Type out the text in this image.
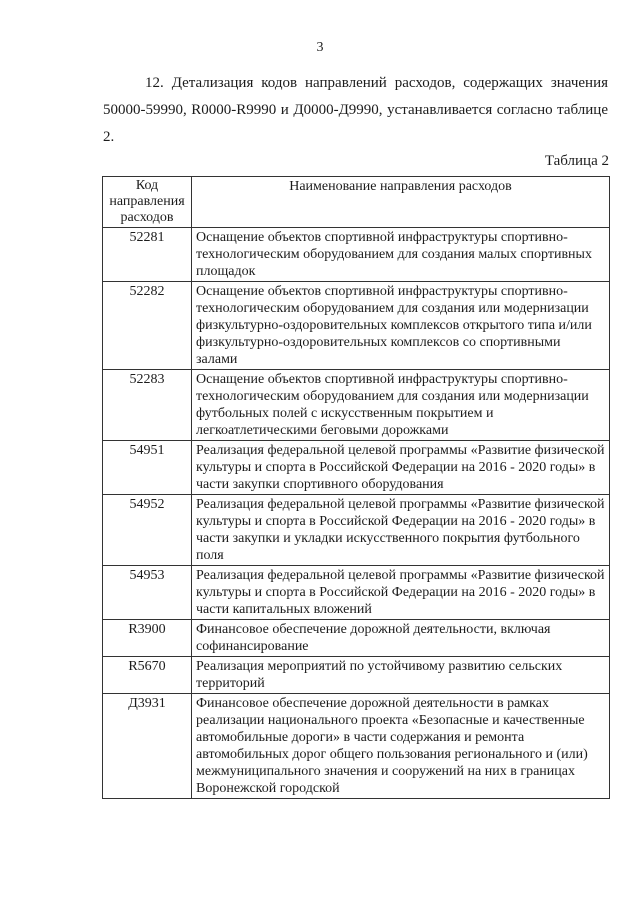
3

12. Детализация кодов направлений расходов, содержащих значения 50000-59990, R0000-R9990 и Д0000-Д9990, устанавливается согласно таблице 2.

Таблица 2
Код направления расходов	Наименование направления расходов
52281	Оснащение объектов спортивной инфраструктуры спортивно-технологическим оборудованием для создания малых спортивных площадок
52282	Оснащение объектов спортивной инфраструктуры спортивно-технологическим оборудованием для создания или модернизации физкультурно-оздоровительных комплексов открытого типа и/или физкультурно-оздоровительных комплексов со спортивными залами
52283	Оснащение объектов спортивной инфраструктуры спортивно-технологическим оборудованием для создания или модернизации футбольных полей с искусственным покрытием и легкоатлетическими беговыми дорожками
54951	Реализация федеральной целевой программы «Развитие физической культуры и спорта в Российской Федерации на 2016 - 2020 годы» в части закупки спортивного оборудования
54952	Реализация федеральной целевой программы «Развитие физической культуры и спорта в Российской Федерации на 2016 - 2020 годы» в части закупки и укладки искусственного покрытия футбольного поля
54953	Реализация федеральной целевой программы «Развитие физической культуры и спорта в Российской Федерации на 2016 - 2020 годы» в части капитальных вложений
R3900	Финансовое обеспечение дорожной деятельности, включая софинансирование
R5670	Реализация мероприятий по устойчивому развитию сельских территорий
Д3931	Финансовое обеспечение дорожной деятельности в рамках реализации национального проекта «Безопасные и качественные автомобильные дороги» в части содержания и ремонта автомобильных дорог общего пользования регионального и (или) межмуниципального значения и сооружений на них в границах Воронежской городской
